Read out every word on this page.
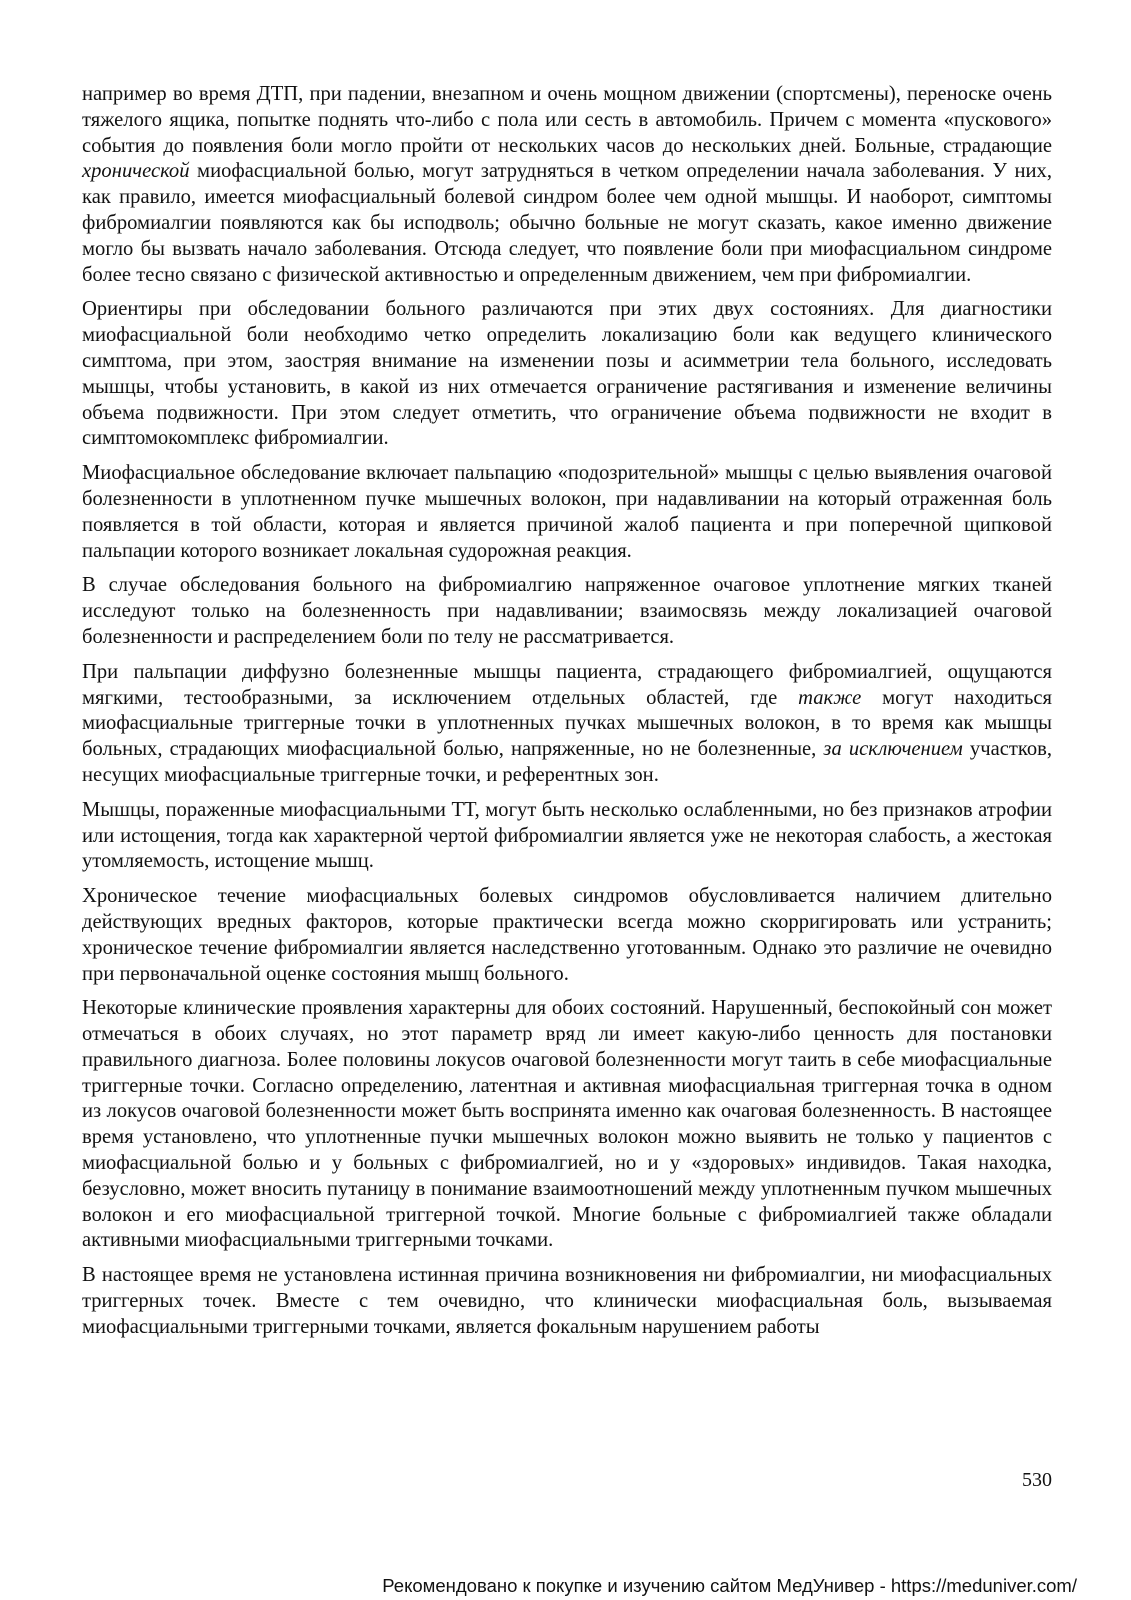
например во время ДТП, при падении, внезапном и очень мощном движении (спортсмены), переноске очень тяжелого ящика, попытке поднять что-либо с пола или сесть в автомобиль. Причем с момента «пускового» события до появления боли могло пройти от нескольких часов до нескольких дней. Больные, страдающие хронической миофасциальной болью, могут затрудняться в четком определении начала заболевания. У них, как правило, имеется миофасциальный болевой синдром более чем одной мышцы. И наоборот, симптомы фибромиалгии появляются как бы исподволь; обычно больные не могут сказать, какое именно движение могло бы вызвать начало заболевания. Отсюда следует, что появление боли при миофасциальном синдроме более тесно связано с физической активностью и определенным движением, чем при фибромиалгии.

Ориентиры при обследовании больного различаются при этих двух состояниях. Для диагностики миофасциальной боли необходимо четко определить локализацию боли как ведущего клинического симптома, при этом, заостряя внимание на изменении позы и асимметрии тела больного, исследовать мышцы, чтобы установить, в какой из них отмечается ограничение растягивания и изменение величины объема подвижности. При этом следует отметить, что ограничение объема подвижности не входит в симптомокомплекс фибромиалгии.

Миофасциальное обследование включает пальпацию «подозрительной» мышцы с целью выявления очаговой болезненности в уплотненном пучке мышечных волокон, при надавливании на который отраженная боль появляется в той области, которая и является причиной жалоб пациента и при поперечной щипковой пальпации которого возникает локальная судорожная реакция.

В случае обследования больного на фибромиалгию напряженное очаговое уплотнение мягких тканей исследуют только на болезненность при надавливании; взаимосвязь между локализацией очаговой болезненности и распределением боли по телу не рассматривается.

При пальпации диффузно болезненные мышцы пациента, страдающего фибромиалгией, ощущаются мягкими, тестообразными, за исключением отдельных областей, где также могут находиться миофасциальные триггерные точки в уплотненных пучках мышечных волокон, в то время как мышцы больных, страдающих миофасциальной болью, напряженные, но не болезненные, за исключением участков, несущих миофасциальные триггерные точки, и референтных зон.

Мышцы, пораженные миофасциальными ТТ, могут быть несколько ослабленными, но без признаков атрофии или истощения, тогда как характерной чертой фибромиалгии является уже не некоторая слабость, а жестокая утомляемость, истощение мышц.

Хроническое течение миофасциальных болевых синдромов обусловливается наличием длительно действующих вредных факторов, которые практически всегда можно скорригировать или устранить; хроническое течение фибромиалгии является наследственно уготованным. Однако это различие не очевидно при первоначальной оценке состояния мышц больного.

Некоторые клинические проявления характерны для обоих состояний. Нарушенный, беспокойный сон может отмечаться в обоих случаях, но этот параметр вряд ли имеет какую-либо ценность для постановки правильного диагноза. Более половины локусов очаговой болезненности могут таить в себе миофасциальные триггерные точки. Согласно определению, латентная и активная миофасциальная триггерная точка в одном из локусов очаговой болезненности может быть воспринята именно как очаговая болезненность. В настоящее время установлено, что уплотненные пучки мышечных волокон можно выявить не только у пациентов с миофасциальной болью и у больных с фибромиалгией, но и у «здоровых» индивидов. Такая находка, безусловно, может вносить путаницу в понимание взаимоотношений между уплотненным пучком мышечных волокон и его миофасциальной триггерной точкой. Многие больные с фибромиалгией также обладали активными миофасциальными триггерными точками.

В настоящее время не установлена истинная причина возникновения ни фибромиалгии, ни миофасциальных триггерных точек. Вместе с тем очевидно, что клинически миофасциальная боль, вызываемая миофасциальными триггерными точками, является фокальным нарушением работы

530
Рекомендовано к покупке и изучению сайтом МедУнивер - https://meduniver.com/
